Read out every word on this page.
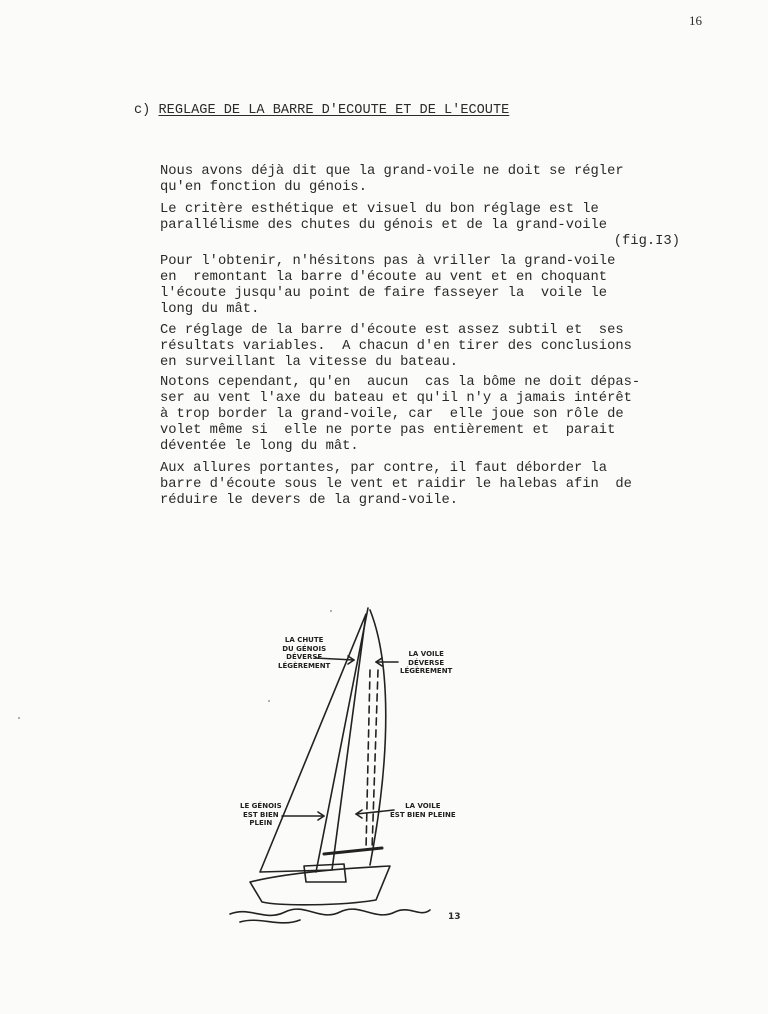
16
c) REGLAGE DE LA BARRE D'ECOUTE ET DE L'ECOUTE
Nous avons déjà dit que la grand-voile ne doit se régler
qu'en fonction du génois.
Le critère esthétique et visuel du bon réglage est le
parallélisme des chutes du génois et de la grand-voile
(fig.I3)
Pour l'obtenir, n'hésitons pas à vriller la grand-voile
en  remontant la barre d'écoute au vent et en choquant
l'écoute jusqu'au point de faire fasseyer la  voile le
long du mât.
Ce réglage de la barre d'écoute est assez subtil et  ses
résultats variables.  A chacun d'en tirer des conclusions
en surveillant la vitesse du bateau.
Notons cependant, qu'en  aucun  cas la bôme ne doit dépas-
ser au vent l'axe du bateau et qu'il n'y a jamais intérêt
à trop border la grand-voile, car  elle joue son rôle de
volet même si  elle ne porte pas entièrement et  parait
déventée le long du mât.
Aux allures portantes, par contre, il faut déborder la
barre d'écoute sous le vent et raidir le halebas afin  de
réduire le devers de la grand-voile.
LA CHUTE
DU GÉNOIS
DÉVERSE
LÉGÈREMENT
LA VOILE
DÉVERSE
LÉGÈREMENT
LE GÉNOIS
EST BIEN
PLEIN
LA VOILE
EST BIEN PLEINE
13
